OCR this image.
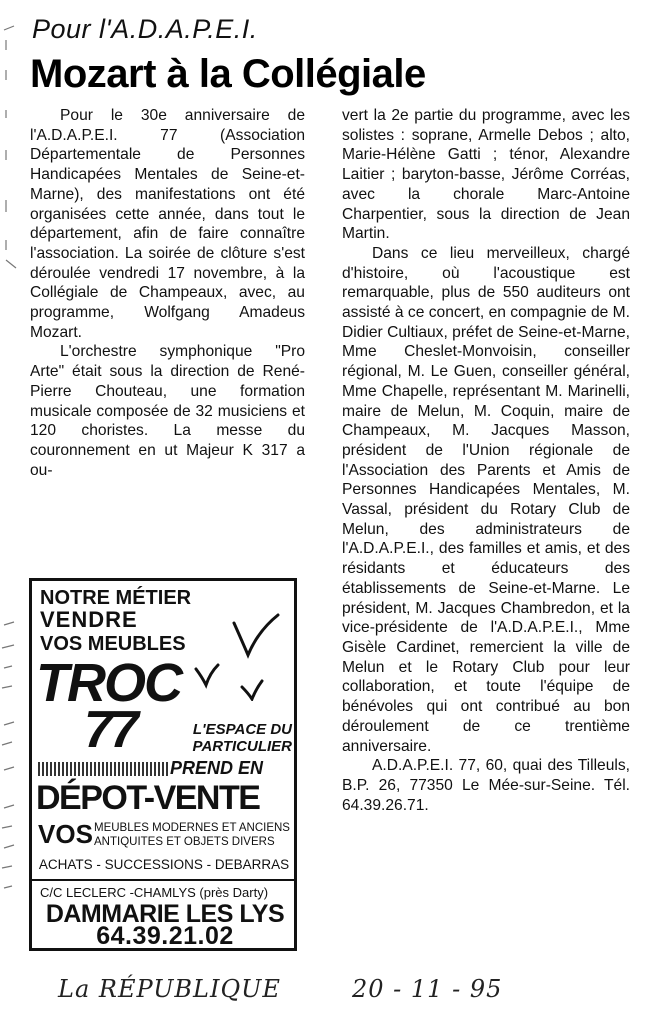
Pour l'A.D.A.P.E.I.
Mozart à la Collégiale

Pour le 30e anniversaire de l'A.D.A.P.E.I. 77 (Association Départementale de Personnes Handicapées Mentales de Seine-et-Marne), des manifestations ont été organisées cette année, dans tout le département, afin de faire connaître l'association. La soirée de clôture s'est déroulée vendredi 17 novembre, à la Collégiale de Champeaux, avec, au programme, Wolfgang Amadeus Mozart.

L'orchestre symphonique "Pro Arte" était sous la direction de René-Pierre Chouteau, une formation musicale composée de 32 musiciens et 120 choristes. La messe du couronnement en ut Majeur K 317 a ou-

vert la 2e partie du programme, avec les solistes : soprane, Armelle Debos ; alto, Marie-Hélène Gatti ; ténor, Alexandre Laitier ; baryton-basse, Jérôme Corréas, avec la chorale Marc-Antoine Charpentier, sous la direction de Jean Martin.

Dans ce lieu merveilleux, chargé d'histoire, où l'acoustique est remarquable, plus de 550 auditeurs ont assisté à ce concert, en compagnie de M. Didier Cultiaux, préfet de Seine-et-Marne, Mme Cheslet-Monvoisin, conseiller régional, M. Le Guen, conseiller général, Mme Chapelle, représentant M. Marinelli, maire de Melun, M. Coquin, maire de Champeaux, M. Jacques Masson, président de l'Union régionale de l'Association des Parents et Amis de Personnes Handicapées Mentales, M. Vassal, président du Rotary Club de Melun, des administrateurs de l'A.D.A.P.E.I., des familles et amis, et des résidants et éducateurs des établissements de Seine-et-Marne. Le président, M. Jacques Chambredon, et la vice-présidente de l'A.D.A.P.E.I., Mme Gisèle Cardinet, remercient la ville de Melun et le Rotary Club pour leur collaboration, et toute l'équipe de bénévoles qui ont contribué au bon déroulement de ce trentième anniversaire.

A.D.A.P.E.I. 77, 60, quai des Tilleuls, B.P. 26, 77350 Le Mée-sur-Seine. Tél. 64.39.26.71.

NOTRE MÉTIER
VENDRE
VOS MEUBLES
TROC
77	L'ESPACE DU PARTICULIER
PREND EN
DÉPOT-VENTE
VOS MEUBLES MODERNES ET ANCIENS ANTIQUITES ET OBJETS DIVERS
ACHATS - SUCCESSIONS - DEBARRAS
C/C LECLERC -CHAMLYS (près Darty)
DAMMARIE LES LYS
64.39.21.02
La RÉPUBLIQUE	20 - 11 - 95
